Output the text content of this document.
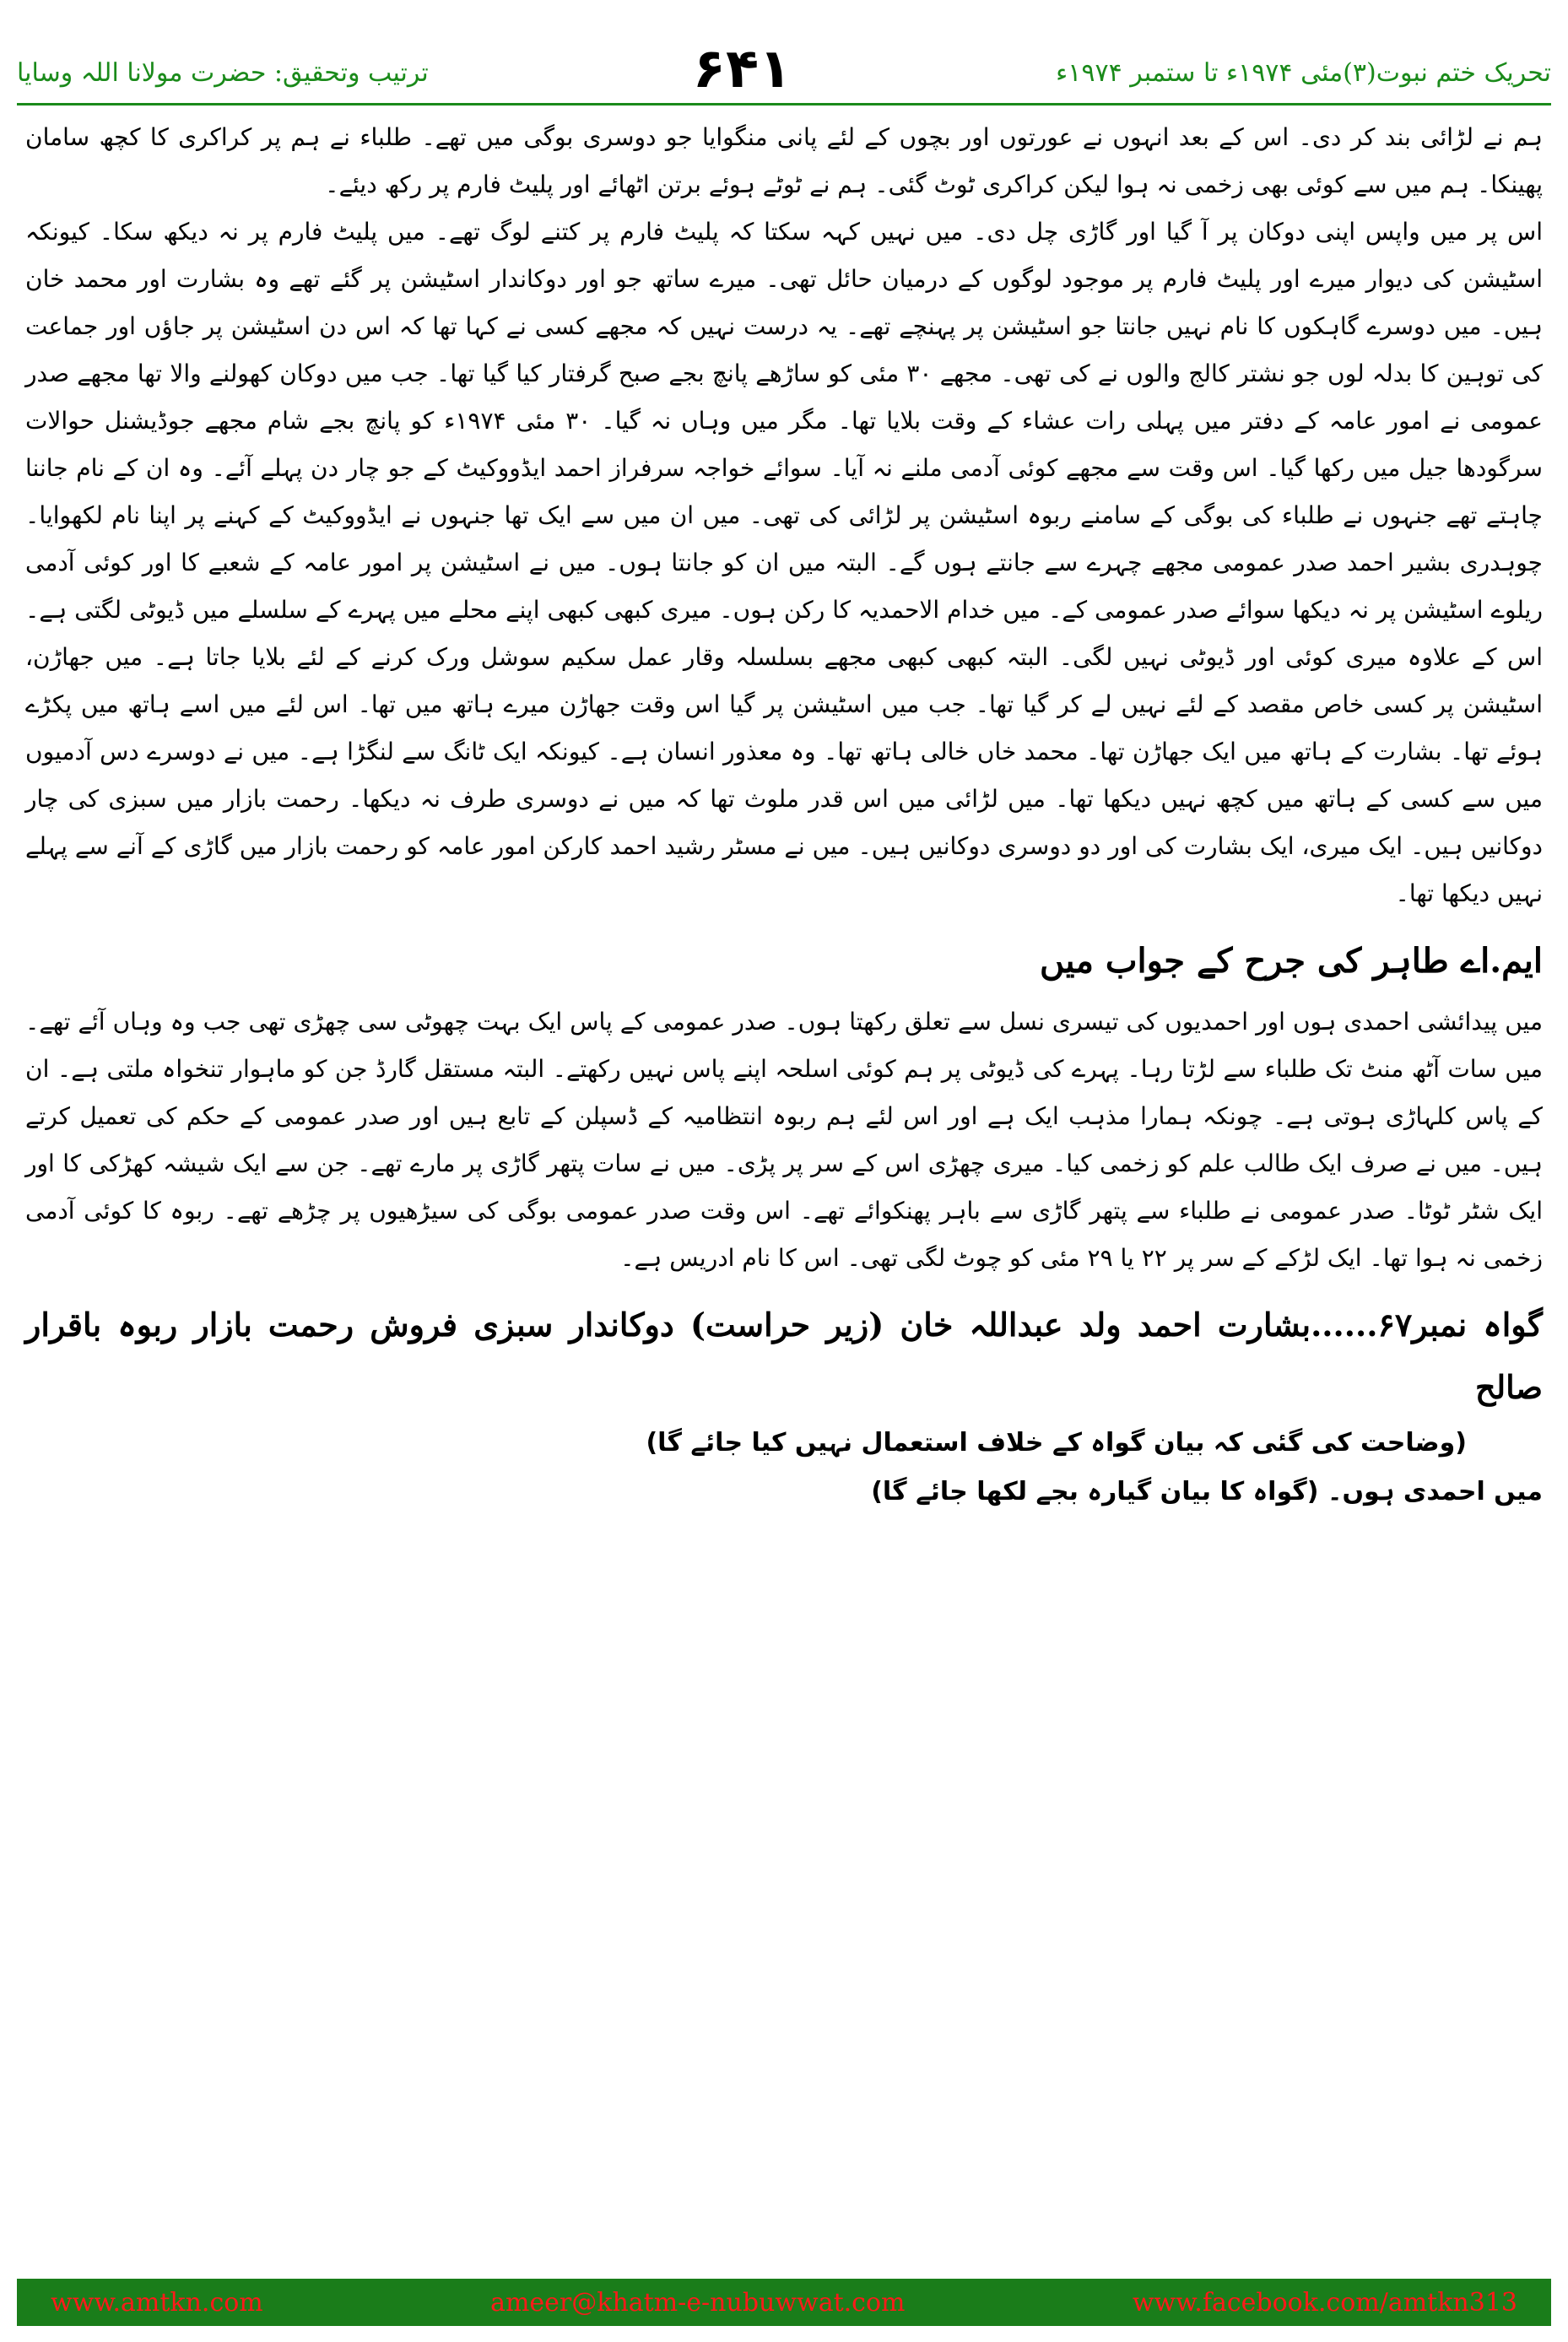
ترتیب وتحقیق: حضرت مولانا اللہ وسایا	۶۴۱	تحریک ختم نبوت(۳)مئی ۱۹۷۴ء تا ستمبر ۱۹۷۴ء

ہم نے لڑائی بند کر دی۔ اس کے بعد انہوں نے عورتوں اور بچوں کے لئے پانی منگوایا جو دوسری بوگی میں تھے۔ طلباء نے ہم پر کراکری کا کچھ سامان پھینکا۔ ہم میں سے کوئی بھی زخمی نہ ہوا لیکن کراکری ٹوٹ گئی۔ ہم نے ٹوٹے ہوئے برتن اٹھائے اور پلیٹ فارم پر رکھ دیئے۔

اس پر میں واپس اپنی دوکان پر آ گیا اور گاڑی چل دی۔ میں نہیں کہہ سکتا کہ پلیٹ فارم پر کتنے لوگ تھے۔ میں پلیٹ فارم پر نہ دیکھ سکا۔ کیونکہ اسٹیشن کی دیوار میرے اور پلیٹ فارم پر موجود لوگوں کے درمیان حائل تھی۔ میرے ساتھ جو اور دوکاندار اسٹیشن پر گئے تھے وہ بشارت اور محمد خان ہیں۔ میں دوسرے گاہکوں کا نام نہیں جانتا جو اسٹیشن پر پہنچے تھے۔ یہ درست نہیں کہ مجھے کسی نے کہا تھا کہ اس دن اسٹیشن پر جاؤں اور جماعت کی توہین کا بدلہ لوں جو نشتر کالج والوں نے کی تھی۔ مجھے ۳۰ مئی کو ساڑھے پانچ بجے صبح گرفتار کیا گیا تھا۔ جب میں دوکان کھولنے والا تھا مجھے صدر عمومی نے امور عامہ کے دفتر میں پہلی رات عشاء کے وقت بلایا تھا۔ مگر میں وہاں نہ گیا۔ ۳۰ مئی ۱۹۷۴ء کو پانچ بجے شام مجھے جوڈیشنل حوالات سرگودھا جیل میں رکھا گیا۔ اس وقت سے مجھے کوئی آدمی ملنے نہ آیا۔ سوائے خواجہ سرفراز احمد ایڈووکیٹ کے جو چار دن پہلے آئے۔ وہ ان کے نام جاننا چاہتے تھے جنہوں نے طلباء کی بوگی کے سامنے ربوہ اسٹیشن پر لڑائی کی تھی۔ میں ان میں سے ایک تھا جنہوں نے ایڈووکیٹ کے کہنے پر اپنا نام لکھوایا۔ چوہدری بشیر احمد صدر عمومی مجھے چہرے سے جانتے ہوں گے۔ البتہ میں ان کو جانتا ہوں۔ میں نے اسٹیشن پر امور عامہ کے شعبے کا اور کوئی آدمی ریلوے اسٹیشن پر نہ دیکھا سوائے صدر عمومی کے۔ میں خدام الاحمدیہ کا رکن ہوں۔ میری کبھی کبھی اپنے محلے میں پہرے کے سلسلے میں ڈیوٹی لگتی ہے۔ اس کے علاوہ میری کوئی اور ڈیوٹی نہیں لگی۔ البتہ کبھی کبھی مجھے بسلسلہ وقار عمل سکیم سوشل ورک کرنے کے لئے بلایا جاتا ہے۔ میں جھاڑن، اسٹیشن پر کسی خاص مقصد کے لئے نہیں لے کر گیا تھا۔ جب میں اسٹیشن پر گیا اس وقت جھاڑن میرے ہاتھ میں تھا۔ اس لئے میں اسے ہاتھ میں پکڑے ہوئے تھا۔ بشارت کے ہاتھ میں ایک جھاڑن تھا۔ محمد خاں خالی ہاتھ تھا۔ وہ معذور انسان ہے۔ کیونکہ ایک ٹانگ سے لنگڑا ہے۔ میں نے دوسرے دس آدمیوں میں سے کسی کے ہاتھ میں کچھ نہیں دیکھا تھا۔ میں لڑائی میں اس قدر ملوث تھا کہ میں نے دوسری طرف نہ دیکھا۔ رحمت بازار میں سبزی کی چار دوکانیں ہیں۔ ایک میری، ایک بشارت کی اور دو دوسری دوکانیں ہیں۔ میں نے مسٹر رشید احمد کارکن امور عامہ کو رحمت بازار میں گاڑی کے آنے سے پہلے نہیں دیکھا تھا۔

ایم.اے طاہر کی جرح کے جواب میں

میں پیدائشی احمدی ہوں اور احمدیوں کی تیسری نسل سے تعلق رکھتا ہوں۔ صدر عمومی کے پاس ایک بہت چھوٹی سی چھڑی تھی جب وہ وہاں آئے تھے۔ میں سات آٹھ منٹ تک طلباء سے لڑتا رہا۔ پہرے کی ڈیوٹی پر ہم کوئی اسلحہ اپنے پاس نہیں رکھتے۔ البتہ مستقل گارڈ جن کو ماہوار تنخواہ ملتی ہے۔ ان کے پاس کلہاڑی ہوتی ہے۔ چونکہ ہمارا مذہب ایک ہے اور اس لئے ہم ربوہ انتظامیہ کے ڈسپلن کے تابع ہیں اور صدر عمومی کے حکم کی تعمیل کرتے ہیں۔ میں نے صرف ایک طالب علم کو زخمی کیا۔ میری چھڑی اس کے سر پر پڑی۔ میں نے سات پتھر گاڑی پر مارے تھے۔ جن سے ایک شیشہ کھڑکی کا اور ایک شٹر ٹوٹا۔ صدر عمومی نے طلباء سے پتھر گاڑی سے باہر پھنکوائے تھے۔ اس وقت صدر عمومی بوگی کی سیڑھیوں پر چڑھے تھے۔ ربوہ کا کوئی آدمی زخمی نہ ہوا تھا۔ ایک لڑکے کے سر پر ۲۲ یا ۲۹ مئی کو چوٹ لگی تھی۔ اس کا نام ادریس ہے۔

گواہ نمبر۶۷......بشارت احمد ولد عبداللہ خان (زیر حراست) دوکاندار سبزی فروش رحمت بازار ربوہ باقرار صالح

(وضاحت کی گئی کہ بیان گواہ کے خلاف استعمال نہیں کیا جائے گا)

میں احمدی ہوں۔ (گواہ کا بیان گیارہ بجے لکھا جائے گا)

www.amtkn.com	ameer@khatm-e-nubuwwat.com	www.facebook.com/amtkn313
